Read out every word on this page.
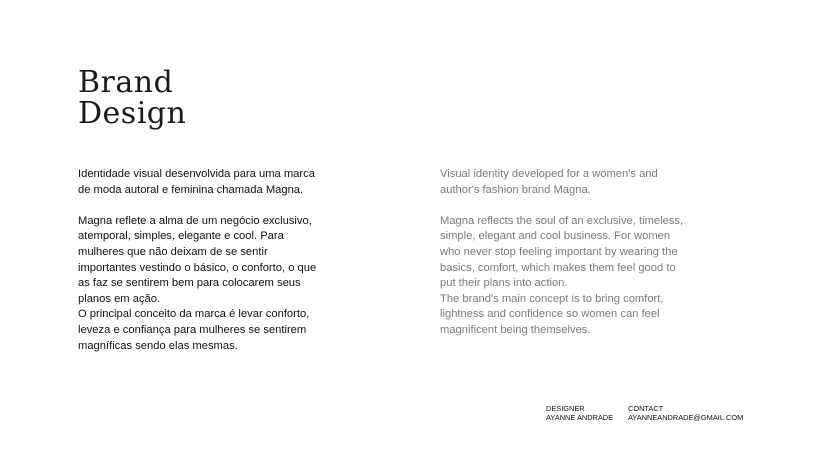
Brand
Design

Identidade visual desenvolvida para uma marca de moda autoral e feminina chamada Magna.

Magna reflete a alma de um negócio exclusivo, atemporal, simples, elegante e cool. Para mulheres que não deixam de se sentir importantes vestindo o básico, o conforto, o que as faz se sentirem bem para colocarem seus planos em ação.
O principal conceito da marca é levar conforto, leveza e confiança para mulheres se sentirem magníficas sendo elas mesmas.

Visual identity developed for a women's and author's fashion brand Magna.

Magna reflects the soul of an exclusive, timeless, simple, elegant and cool business. For women who never stop feeling important by wearing the basics, comfort, which makes them feel good to put their plans into action.
The brand's main concept is to bring comfort, lightness and confidence so women can feel magnificent being themselves.

DESIGNER
AYANNE ANDRADE
CONTACT
AYANNEANDRADE@GMAIL.COM
